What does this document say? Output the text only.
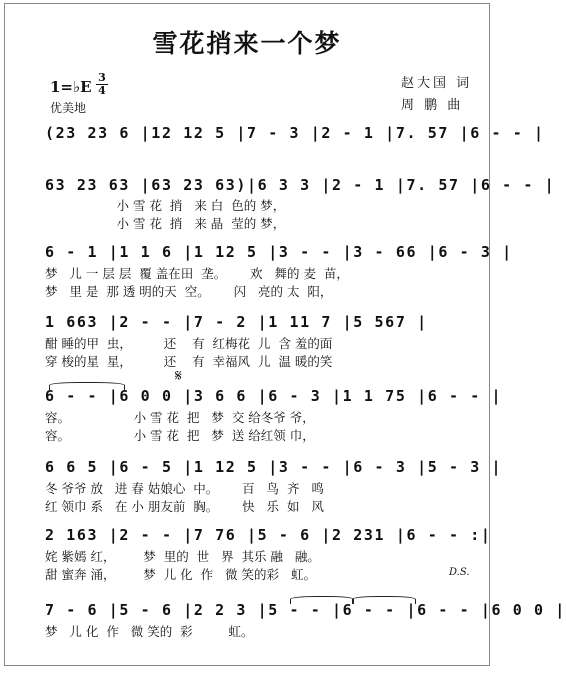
雪花捎来一个梦
1=♭E
3
4
优美地
赵大国 词
周 鹏 曲
(23 23 6 |12 12 5 |7 - 3 |2 - 1 |7. 57 |6 - - |
63 23 63 |63 23 63)|6 3 3 |2 - 1 |7. 57 |6 - - |
小 雪 花  捎   来 白  色的 梦，
小 雪 花  捎   来 晶  莹的 梦，
6 - 1 |1 1 6 |1 12 5 |3 - - |3 - 66 |6 - 3 |
梦   儿 一 层 层  覆 盖在田  垄。      欢   舞的 麦  苗，
梦   里 是  那 透 明的天  空。      闪   亮的 太  阳，
1 663 |2 - - |7 - 2 |1 11 7 |5 567 |
酣 睡的甲  虫，        还    有  红梅花  儿  含 羞的面
穿 梭的星  星，        还    有  幸福风  儿  温 暖的笑
𝄋
6 - - |6 0 0 |3 6 6 |6 - 3 |1 1 75 |6 - - |
容。                小 雪 花  把   梦  交 给冬爷 爷，
容。                小 雪 花  把   梦  送 给红领 巾，
6 6 5 |6 - 5 |1 12 5 |3 - - |6 - 3 |5 - 3 |
冬 爷爷 放   进 春 姑娘心  中。      百   鸟  齐   鸣
红 领巾 系   在 小 朋友前  胸。      快   乐  如   风
2 163 |2 - - |7 76 |5 - 6 |2 231 |6 - - :|
姹 紫嫣 红，       梦  里的  世   界  其乐 融   融。
甜 蜜奔 涌，       梦  儿 化  作   微 笑的彩   虹。	D.S.
7 - 6 |5 - 6 |2 2 3 |5 - - |6 - - |6 - - |6 0 0 |
梦   儿 化  作   微 笑的  彩         虹。
